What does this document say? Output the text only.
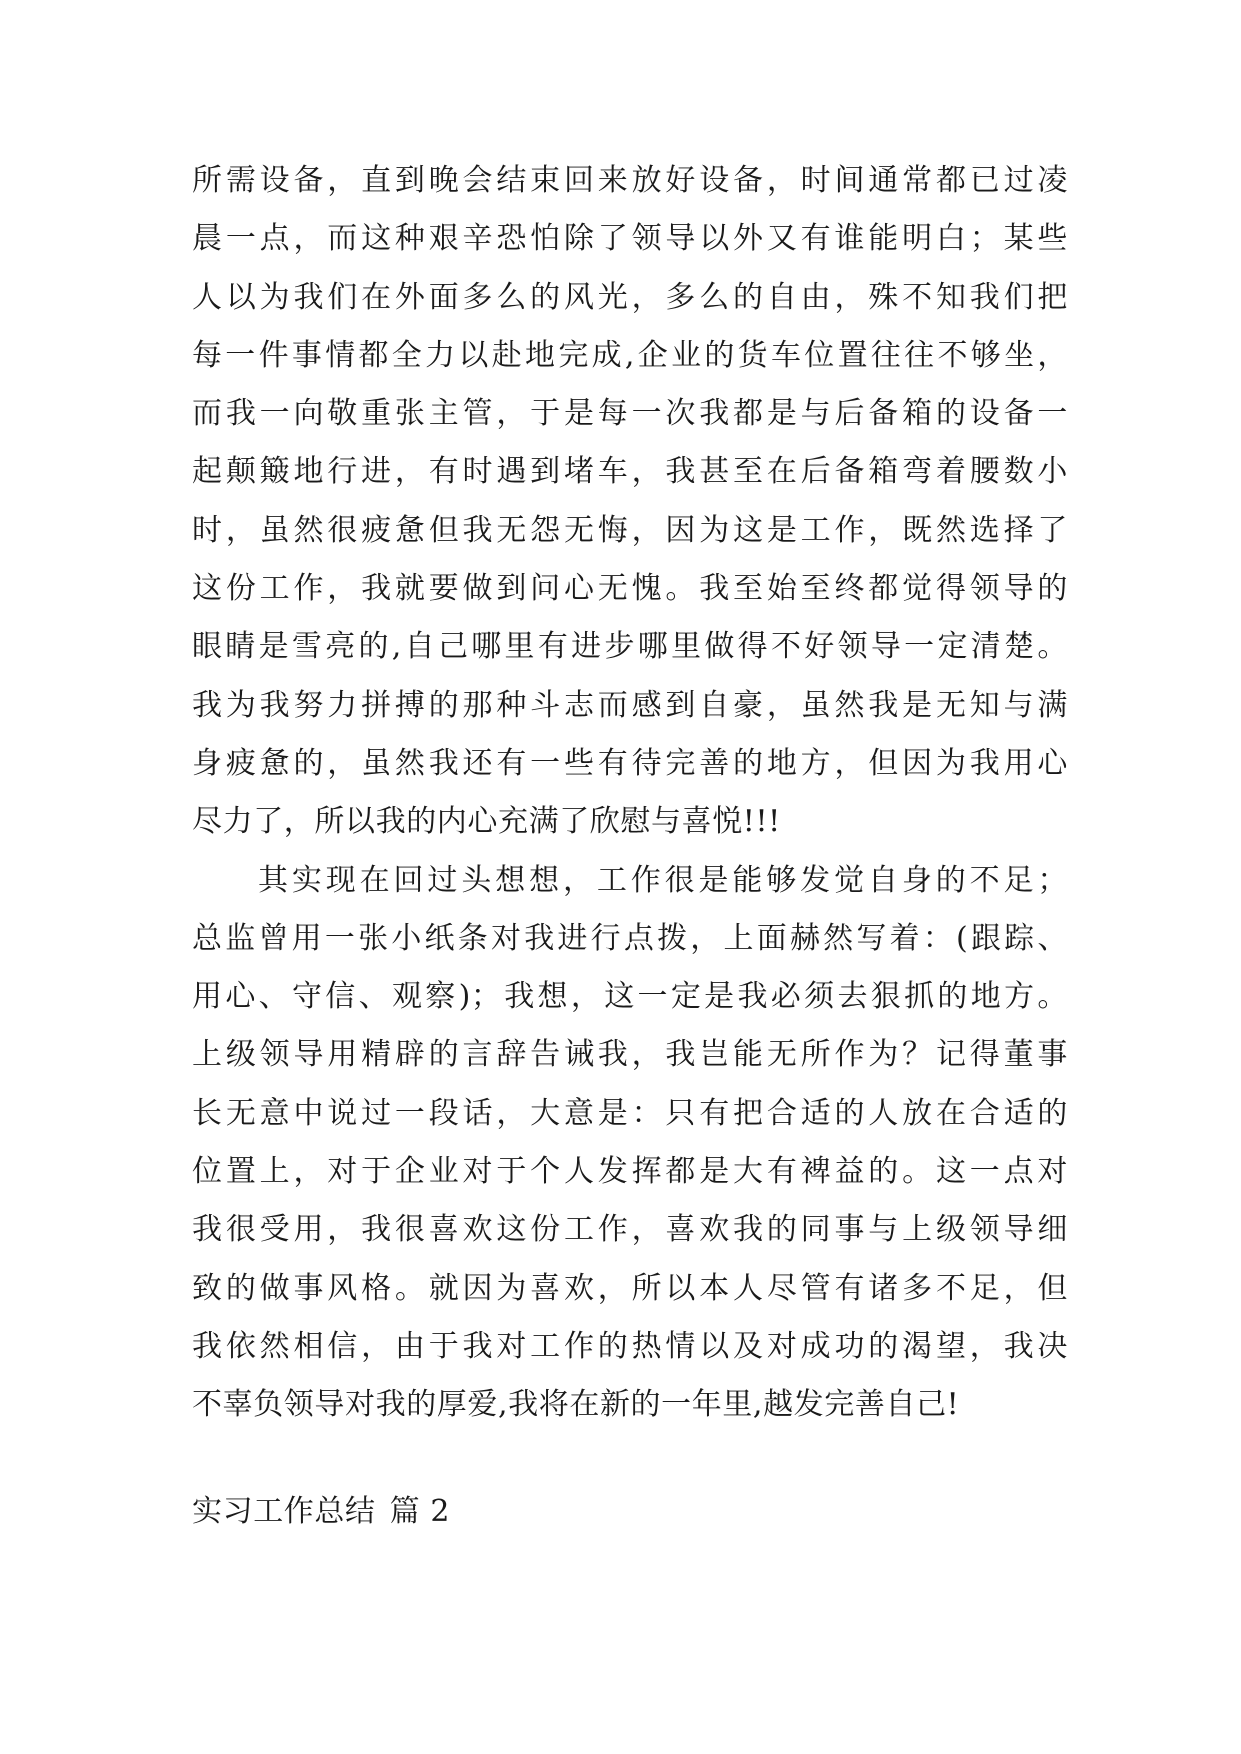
所需设备，直到晚会结束回来放好设备，时间通常都已过凌
晨一点，而这种艰辛恐怕除了领导以外又有谁能明白；某些
人以为我们在外面多么的风光，多么的自由，殊不知我们把
每一件事情都全力以赴地完成,企业的货车位置往往不够坐，
而我一向敬重张主管，于是每一次我都是与后备箱的设备一
起颠簸地行进，有时遇到堵车，我甚至在后备箱弯着腰数小
时，虽然很疲惫但我无怨无悔，因为这是工作，既然选择了
这份工作，我就要做到问心无愧。我至始至终都觉得领导的
眼睛是雪亮的,自己哪里有进步哪里做得不好领导一定清楚。
我为我努力拼搏的那种斗志而感到自豪，虽然我是无知与满
身疲惫的，虽然我还有一些有待完善的地方，但因为我用心
尽力了，所以我的内心充满了欣慰与喜悦!!!
其实现在回过头想想，工作很是能够发觉自身的不足；
总监曾用一张小纸条对我进行点拨，上面赫然写着：(跟踪、
用心、守信、观察)；我想，这一定是我必须去狠抓的地方。
上级领导用精辟的言辞告诫我，我岂能无所作为？记得董事
长无意中说过一段话，大意是：只有把合适的人放在合适的
位置上，对于企业对于个人发挥都是大有裨益的。这一点对
我很受用，我很喜欢这份工作，喜欢我的同事与上级领导细
致的做事风格。就因为喜欢，所以本人尽管有诸多不足，但
我依然相信，由于我对工作的热情以及对成功的渴望，我决
不辜负领导对我的厚爱,我将在新的一年里,越发完善自己!
实习工作总结 篇 2
